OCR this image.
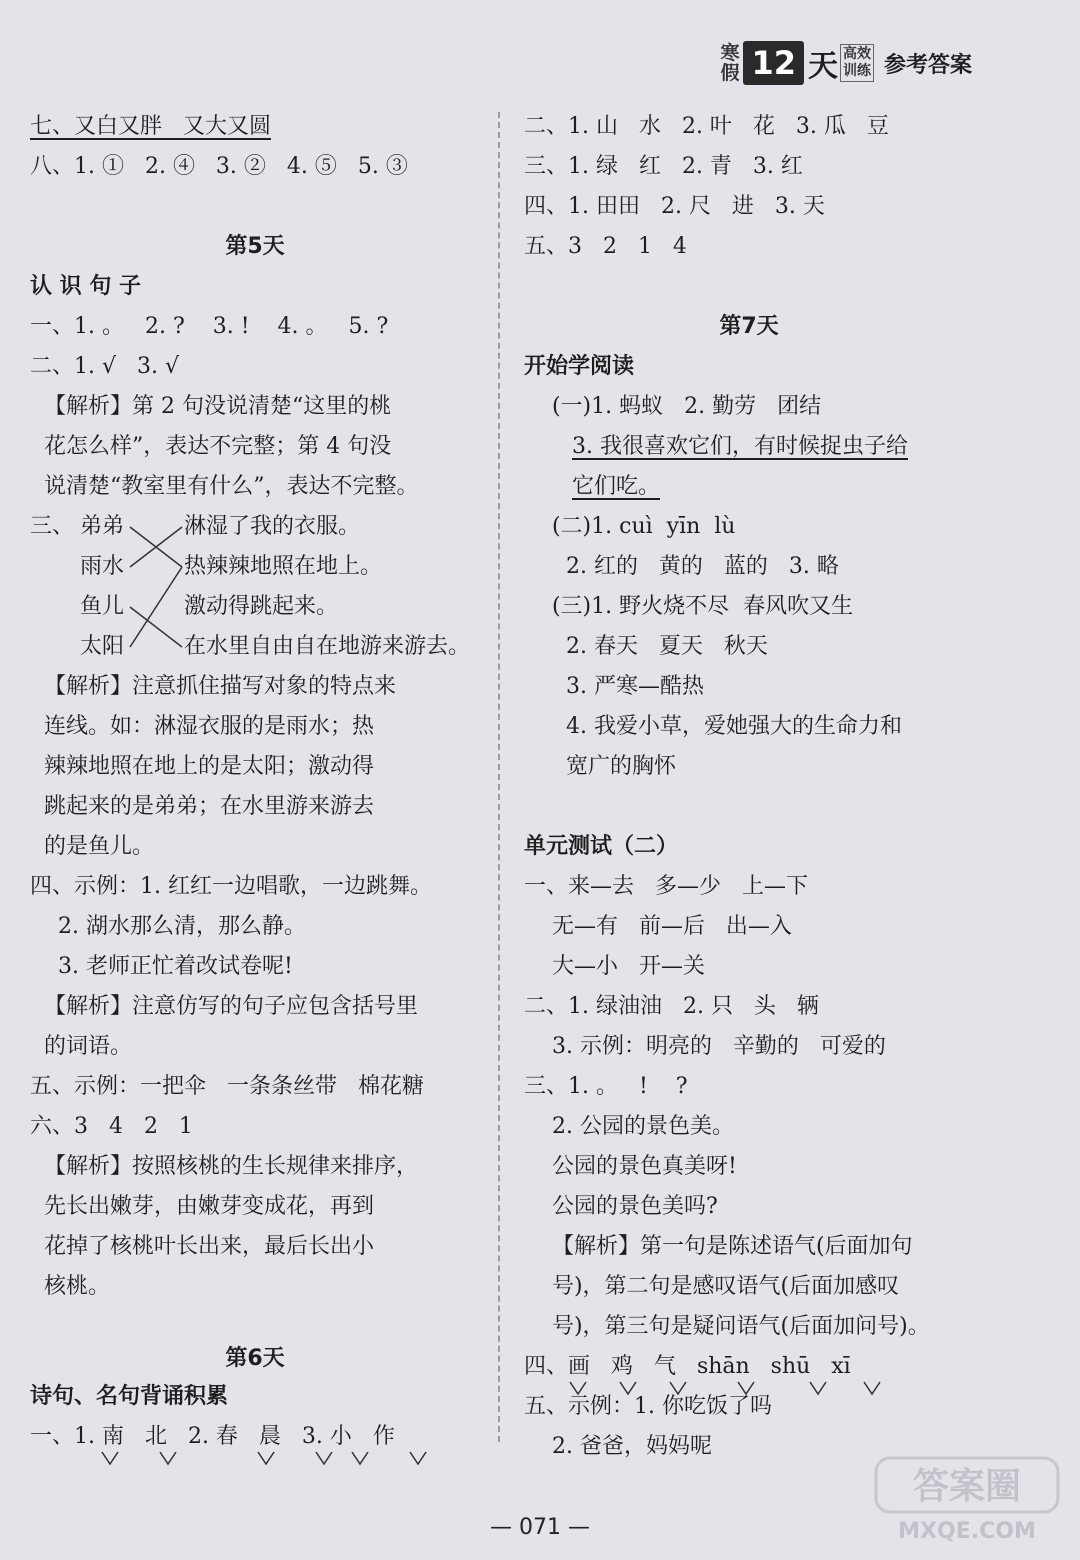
寒
假 12 天 高效
训练 参考答案
七、又白又胖   又大又圆
八、1. ①   2. ④   3. ②   4. ⑤   5. ③
第5天
认 识 句 子
一、1. 。   2. ?    3. !    4. 。   5. ?
二、1. √   3. √
【解析】第 2 句没说清楚“这里的桃
花怎么样”，表达不完整；第 4 句没
说清楚“教室里有什么”，表达不完整。
三、 弟弟
雨水
鱼儿
太阳
淋湿了我的衣服。
热辣辣地照在地上。
激动得跳起来。
在水里自由自在地游来游去。
【解析】注意抓住描写对象的特点来
连线。如：淋湿衣服的是雨水；热
辣辣地照在地上的是太阳；激动得
跳起来的是弟弟；在水里游来游去
的是鱼儿。
四、示例：1. 红红一边唱歌，一边跳舞。
2. 湖水那么清，那么静。
3. 老师正忙着改试卷呢!
【解析】注意仿写的句子应包含括号里
的词语。
五、示例：一把伞   一条条丝带   棉花糖
六、3   4   2   1
【解析】按照核桃的生长规律来排序，
先长出嫩芽，由嫩芽变成花，再到
花掉了核桃叶长出来，最后长出小
核桃。
第6天
诗句、名句背诵积累
一、1. 南   北   2. 春   晨   3. 小   作
二、1. 山   水   2. 叶   花   3. 瓜   豆
三、1. 绿   红   2. 青   3. 红
四、1. 田田   2. 尺   进   3. 天
五、3   2   1   4
第7天
开始学阅读
(一)1. 蚂蚁   2. 勤劳   团结
3. 我很喜欢它们，有时候捉虫子给
它们吃。
(二)1. cuì  yīn  lù
2. 红的   黄的   蓝的   3. 略
(三)1. 野火烧不尽  春风吹又生
2. 春天   夏天   秋天
3. 严寒—酷热
4. 我爱小草，爱她强大的生命力和
宽广的胸怀
单元测试（二）
一、来—去   多—少   上—下
无—有   前—后   出—入
大—小   开—关
二、1. 绿油油   2. 只   头   辆
3. 示例：明亮的   辛勤的   可爱的
三、1. 。   !    ?
2. 公园的景色美。
公园的景色真美呀!
公园的景色美吗?
【解析】第一句是陈述语气(后面加句
号)，第二句是感叹语气(后面加感叹
号)，第三句是疑问语气(后面加问号)。
四、画   鸡   气   shān   shū   xī
五、示例：1. 你吃饭了吗
2. 爸爸，妈妈呢
— 071 —
答案圈
MXQE.COM
